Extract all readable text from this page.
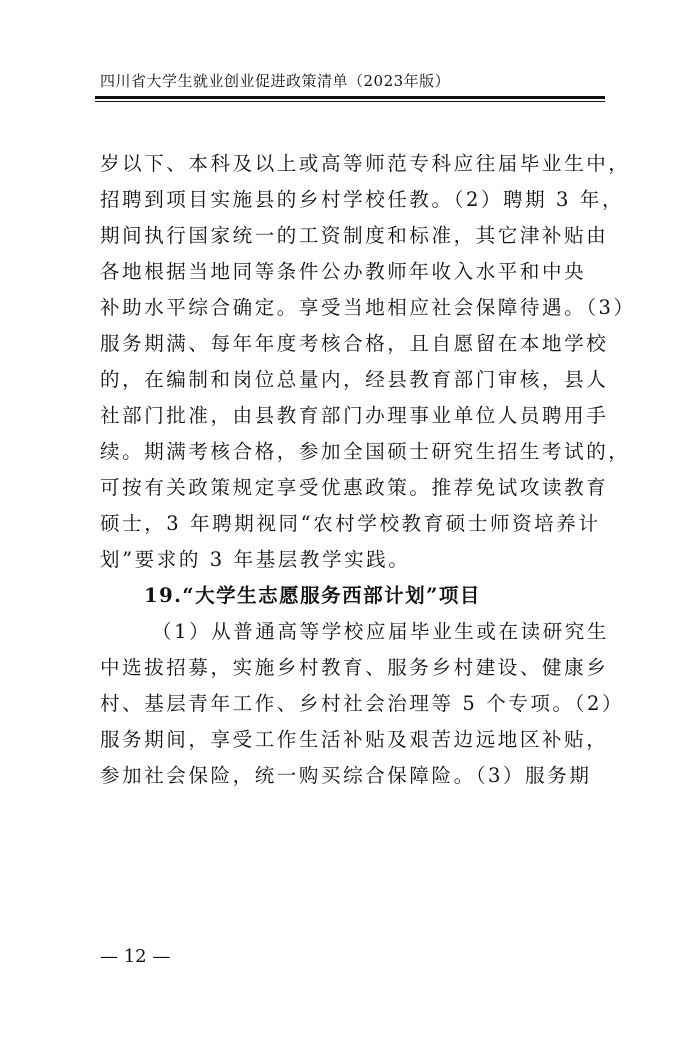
四川省大学生就业创业促进政策清单（2023年版）
岁以下、本科及以上或高等师范专科应往届毕业生中，
招聘到项目实施县的乡村学校任教。（2）聘期 3 年，
期间执行国家统一的工资制度和标准，其它津补贴由
各地根据当地同等条件公办教师年收入水平和中央
补助水平综合确定。享受当地相应社会保障待遇。（3）
服务期满、每年年度考核合格，且自愿留在本地学校
的，在编制和岗位总量内，经县教育部门审核，县人
社部门批准，由县教育部门办理事业单位人员聘用手
续。期满考核合格，参加全国硕士研究生招生考试的，
可按有关政策规定享受优惠政策。推荐免试攻读教育
硕士，3 年聘期视同“农村学校教育硕士师资培养计
划”要求的 3 年基层教学实践。
19.“大学生志愿服务西部计划”项目
（1）从普通高等学校应届毕业生或在读研究生
中选拔招募，实施乡村教育、服务乡村建设、健康乡
村、基层青年工作、乡村社会治理等 5 个专项。（2）
服务期间，享受工作生活补贴及艰苦边远地区补贴，
参加社会保险，统一购买综合保障险。（3）服务期
— 12 —
